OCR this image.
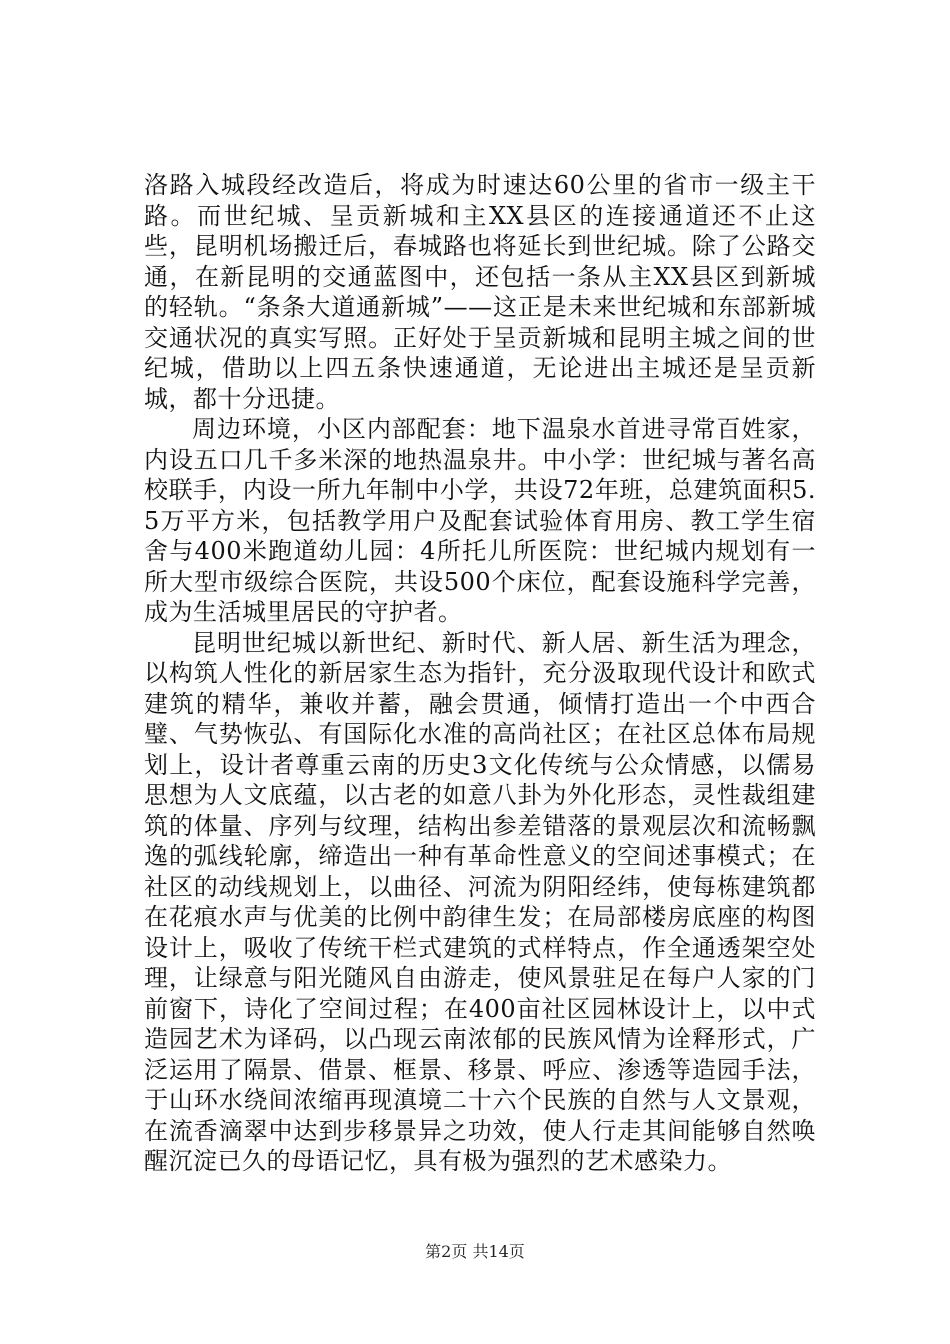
洛路入城段经改造后，将成为时速达60公里的省市一级主干路。而世纪城、呈贡新城和主XX县区的连接通道还不止这些，昆明机场搬迁后，春城路也将延长到世纪城。除了公路交通，在新昆明的交通蓝图中，还包括一条从主XX县区到新城的轻轨。“条条大道通新城”——这正是未来世纪城和东部新城交通状况的真实写照。正好处于呈贡新城和昆明主城之间的世纪城，借助以上四五条快速通道，无论进出主城还是呈贡新城，都十分迅捷。

周边环境，小区内部配套：地下温泉水首进寻常百姓家，内设五口几千多米深的地热温泉井。中小学：世纪城与著名高校联手，内设一所九年制中小学，共设72年班，总建筑面积5.5万平方米，包括教学用户及配套试验体育用房、教工学生宿舍与400米跑道幼儿园：4所托儿所医院：世纪城内规划有一所大型市级综合医院，共设500个床位，配套设施科学完善，成为生活城里居民的守护者。

昆明世纪城以新世纪、新时代、新人居、新生活为理念，以构筑人性化的新居家生态为指针，充分汲取现代设计和欧式建筑的精华，兼收并蓄，融会贯通，倾情打造出一个中西合璧、气势恢弘、有国际化水准的高尚社区；在社区总体布局规划上，设计者尊重云南的历史3文化传统与公众情感，以儒易思想为人文底蕴，以古老的如意八卦为外化形态，灵性裁组建筑的体量、序列与纹理，结构出参差错落的景观层次和流畅飘逸的弧线轮廓，缔造出一种有革命性意义的空间述事模式；在社区的动线规划上，以曲径、河流为阴阳经纬，使每栋建筑都在花痕水声与优美的比例中韵律生发；在局部楼房底座的构图设计上，吸收了传统干栏式建筑的式样特点，作全通透架空处理，让绿意与阳光随风自由游走，使风景驻足在每户人家的门前窗下，诗化了空间过程；在400亩社区园林设计上，以中式造园艺术为译码，以凸现云南浓郁的民族风情为诠释形式，广泛运用了隔景、借景、框景、移景、呼应、渗透等造园手法，于山环水绕间浓缩再现滇境二十六个民族的自然与人文景观，在流香滴翠中达到步移景异之功效，使人行走其间能够自然唤醒沉淀已久的母语记忆，具有极为强烈的艺术感染力。

第2页 共14页
